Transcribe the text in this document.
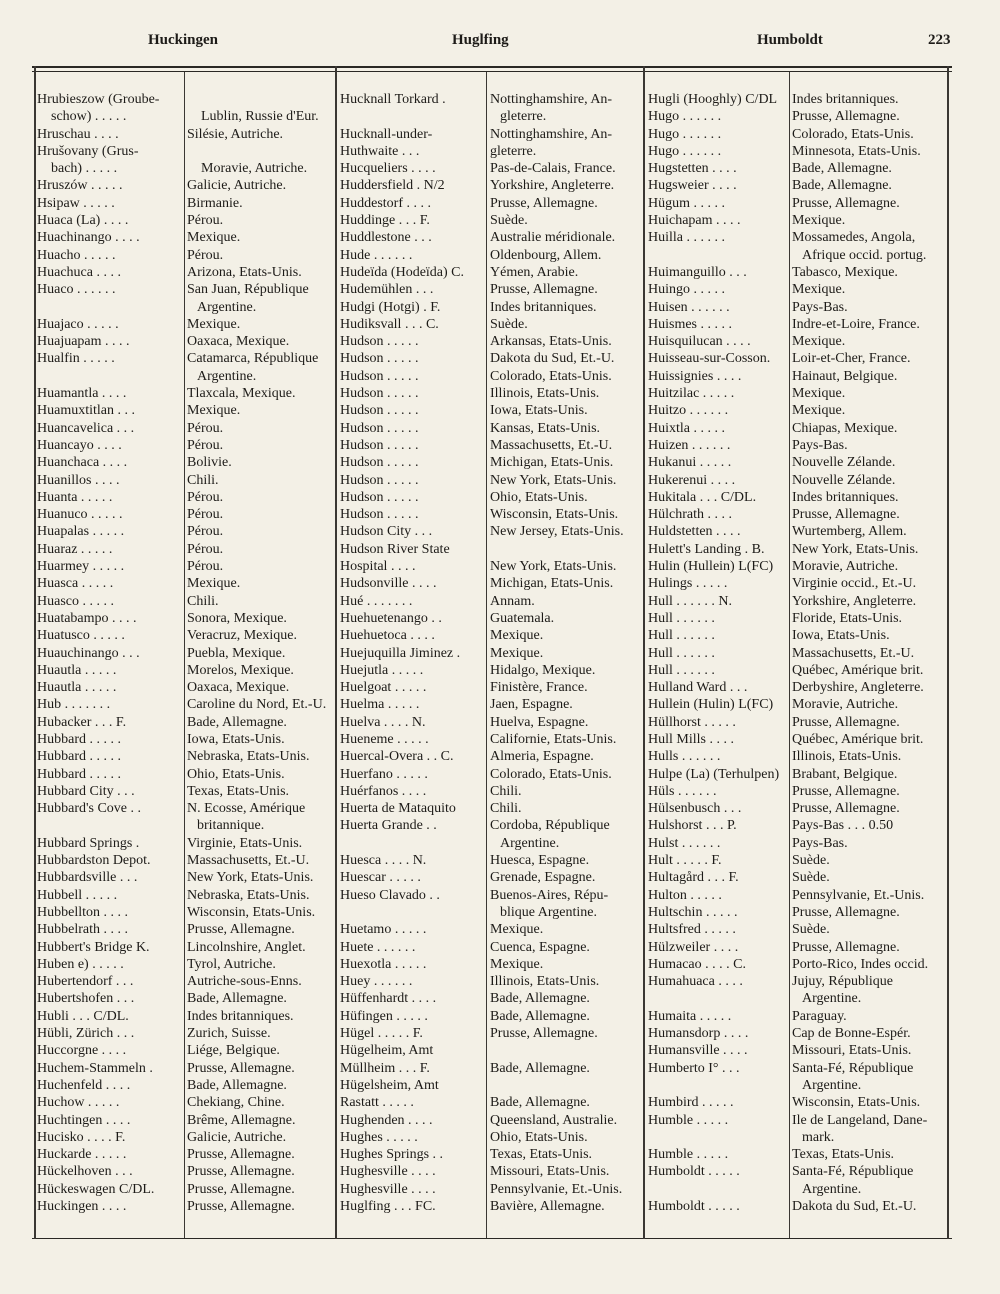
Huckingen	Huglfing	Humboldt	223
Hrubieszow (Groube-
schow) . . . . .	Lublin, Russie d'Eur.
Hruschau . . . .	Silésie, Autriche.
Hrušovany (Grus-
bach) . . . . .	Moravie, Autriche.
Hruszów . . . . .	Galicie, Autriche.
Hsipaw . . . . .	Birmanie.
Huaca (La) . . . .	Pérou.
Huachinango . . . .	Mexique.
Huacho . . . . .	Pérou.
Huachuca . . . .	Arizona, Etats-Unis.
Huaco . . . . . .	San Juan, République
Argentine.
Huajaco . . . . .	Mexique.
Huajuapam . . . .	Oaxaca, Mexique.
Hualfin . . . . .	Catamarca, République
Argentine.
Huamantla . . . .	Tlaxcala, Mexique.
Huamuxtitlan . . .	Mexique.
Huancavelica . . .	Pérou.
Huancayo . . . .	Pérou.
Huanchaca . . . .	Bolivie.
Huanillos . . . .	Chili.
Huanta . . . . .	Pérou.
Huanuco . . . . .	Pérou.
Huapalas . . . . .	Pérou.
Huaraz . . . . .	Pérou.
Huarmey . . . . .	Pérou.
Huasca . . . . .	Mexique.
Huasco . . . . .	Chili.
Huatabampo . . . .	Sonora, Mexique.
Huatusco . . . . .	Veracruz, Mexique.
Huauchinango . . .	Puebla, Mexique.
Huautla . . . . .	Morelos, Mexique.
Huautla . . . . .	Oaxaca, Mexique.
Hub . . . . . . .	Caroline du Nord, Et.-U.
Hubacker . . . F.	Bade, Allemagne.
Hubbard . . . . .	Iowa, Etats-Unis.
Hubbard . . . . .	Nebraska, Etats-Unis.
Hubbard . . . . .	Ohio, Etats-Unis.
Hubbard City . . .	Texas, Etats-Unis.
Hubbard's Cove . .	N. Ecosse, Amérique
britannique.
Hubbard Springs .	Virginie, Etats-Unis.
Hubbardston Depot.	Massachusetts, Et.-U.
Hubbardsville . . .	New York, Etats-Unis.
Hubbell . . . . .	Nebraska, Etats-Unis.
Hubbellton . . . .	Wisconsin, Etats-Unis.
Hubbelrath . . . .	Prusse, Allemagne.
Hubbert's Bridge K.	Lincolnshire, Anglet.
Huben e) . . . . .	Tyrol, Autriche.
Hubertendorf . . .	Autriche-sous-Enns.
Hubertshofen . . .	Bade, Allemagne.
Hubli . . . C/DL.	Indes britanniques.
Hübli, Zürich . . .	Zurich, Suisse.
Huccorgne . . . .	Liége, Belgique.
Huchem-Stammeln .	Prusse, Allemagne.
Huchenfeld . . . .	Bade, Allemagne.
Huchow . . . . .	Chekiang, Chine.
Huchtingen . . . .	Brême, Allemagne.
Hucisko . . . . F.	Galicie, Autriche.
Huckarde . . . . .	Prusse, Allemagne.
Hückelhoven . . .	Prusse, Allemagne.
Hückeswagen C/DL.	Prusse, Allemagne.
Huckingen . . . .	Prusse, Allemagne.
Hucknall Torkard .	Nottinghamshire, An-
gleterre.
Hucknall-under-	Nottinghamshire, An-
Huthwaite . . .	gleterre.
Hucqueliers . . . .	Pas-de-Calais, France.
Huddersfield . N/2	Yorkshire, Angleterre.
Huddestorf . . . .	Prusse, Allemagne.
Huddinge . . . F.	Suède.
Huddlestone . . .	Australie méridionale.
Hude . . . . . .	Oldenbourg, Allem.
Hudeïda (Hodeïda) C.	Yémen, Arabie.
Hudemühlen . . .	Prusse, Allemagne.
Hudgi (Hotgi) . F.	Indes britanniques.
Hudiksvall . . . C.	Suède.
Hudson . . . . .	Arkansas, Etats-Unis.
Hudson . . . . .	Dakota du Sud, Et.-U.
Hudson . . . . .	Colorado, Etats-Unis.
Hudson . . . . .	Illinois, Etats-Unis.
Hudson . . . . .	Iowa, Etats-Unis.
Hudson . . . . .	Kansas, Etats-Unis.
Hudson . . . . .	Massachusetts, Et.-U.
Hudson . . . . .	Michigan, Etats-Unis.
Hudson . . . . .	New York, Etats-Unis.
Hudson . . . . .	Ohio, Etats-Unis.
Hudson . . . . .	Wisconsin, Etats-Unis.
Hudson City . . .	New Jersey, Etats-Unis.
Hudson River State
Hospital . . . .	New York, Etats-Unis.
Hudsonville . . . .	Michigan, Etats-Unis.
Hué . . . . . . .	Annam.
Huehuetenango . .	Guatemala.
Huehuetoca . . . .	Mexique.
Huejuquilla Jiminez .	Mexique.
Huejutla . . . . .	Hidalgo, Mexique.
Huelgoat . . . . .	Finistère, France.
Huelma . . . . .	Jaen, Espagne.
Huelva . . . . N.	Huelva, Espagne.
Hueneme . . . . .	Californie, Etats-Unis.
Huercal-Overa . . C.	Almeria, Espagne.
Huerfano . . . . .	Colorado, Etats-Unis.
Huérfanos . . . .	Chili.
Huerta de Mataquito	Chili.
Huerta Grande . .	Cordoba, République
Argentine.
Huesca . . . . N.	Huesca, Espagne.
Huescar . . . . .	Grenade, Espagne.
Hueso Clavado . .	Buenos-Aires, Répu-
blique Argentine.
Huetamo . . . . .	Mexique.
Huete . . . . . .	Cuenca, Espagne.
Huexotla . . . . .	Mexique.
Huey . . . . . .	Illinois, Etats-Unis.
Hüffenhardt . . . .	Bade, Allemagne.
Hüfingen . . . . .	Bade, Allemagne.
Hügel . . . . . F.	Prusse, Allemagne.
Hügelheim, Amt
Müllheim . . . F.	Bade, Allemagne.
Hügelsheim, Amt
Rastatt . . . . .	Bade, Allemagne.
Hughenden . . . .	Queensland, Australie.
Hughes . . . . .	Ohio, Etats-Unis.
Hughes Springs . .	Texas, Etats-Unis.
Hughesville . . . .	Missouri, Etats-Unis.
Hughesville . . . .	Pennsylvanie, Et.-Unis.
Huglfing . . . FC.	Bavière, Allemagne.
Hugli (Hooghly) C/DL	Indes britanniques.
Hugo . . . . . .	Prusse, Allemagne.
Hugo . . . . . .	Colorado, Etats-Unis.
Hugo . . . . . .	Minnesota, Etats-Unis.
Hugstetten . . . .	Bade, Allemagne.
Hugsweier . . . .	Bade, Allemagne.
Hügum . . . . .	Prusse, Allemagne.
Huichapam . . . .	Mexique.
Huilla . . . . . .	Mossamedes, Angola,
Afrique occid. portug.
Huimanguillo . . .	Tabasco, Mexique.
Huingo . . . . .	Mexique.
Huisen . . . . . .	Pays-Bas.
Huismes . . . . .	Indre-et-Loire, France.
Huisquilucan . . . .	Mexique.
Huisseau-sur-Cosson.	Loir-et-Cher, France.
Huissignies . . . .	Hainaut, Belgique.
Huitzilac . . . . .	Mexique.
Huitzo . . . . . .	Mexique.
Huixtla . . . . .	Chiapas, Mexique.
Huizen . . . . . .	Pays-Bas.
Hukanui . . . . .	Nouvelle Zélande.
Hukerenui . . . .	Nouvelle Zélande.
Hukitala . . . C/DL.	Indes britanniques.
Hülchrath . . . .	Prusse, Allemagne.
Huldstetten . . . .	Wurtemberg, Allem.
Hulett's Landing . B.	New York, Etats-Unis.
Hulin (Hullein) L(FC)	Moravie, Autriche.
Hulings . . . . .	Virginie occid., Et.-U.
Hull . . . . . . N.	Yorkshire, Angleterre.
Hull . . . . . .	Floride, Etats-Unis.
Hull . . . . . .	Iowa, Etats-Unis.
Hull . . . . . .	Massachusetts, Et.-U.
Hull . . . . . .	Québec, Amérique brit.
Hulland Ward . . .	Derbyshire, Angleterre.
Hullein (Hulin) L(FC)	Moravie, Autriche.
Hüllhorst . . . . .	Prusse, Allemagne.
Hull Mills . . . .	Québec, Amérique brit.
Hulls . . . . . .	Illinois, Etats-Unis.
Hulpe (La) (Terhulpen) Brabant, Belgique.
Hüls . . . . . .	Prusse, Allemagne.
Hülsenbusch . . .	Prusse, Allemagne.
Hulshorst . . . P.	Pays-Bas . . . 0.50
Hulst . . . . . .	Pays-Bas.
Hult . . . . . F.	Suède.
Hultagård . . . F.	Suède.
Hulton . . . . .	Pennsylvanie, Et.-Unis.
Hultschin . . . . .	Prusse, Allemagne.
Hultsfred . . . . .	Suède.
Hülzweiler . . . .	Prusse, Allemagne.
Humacao . . . . C.	Porto-Rico, Indes occid.
Humahuaca . . . .	Jujuy, République
Argentine.
Humaita . . . . .	Paraguay.
Humansdorp . . . .	Cap de Bonne-Espér.
Humansville . . . .	Missouri, Etats-Unis.
Humberto I° . . .	Santa-Fé, République
Argentine.
Humbird . . . . .	Wisconsin, Etats-Unis.
Humble . . . . .	Ile de Langeland, Dane-
mark.
Humble . . . . .	Texas, Etats-Unis.
Humboldt . . . . .	Santa-Fé, République
Argentine.
Humboldt . . . . .	Dakota du Sud, Et.-U.
